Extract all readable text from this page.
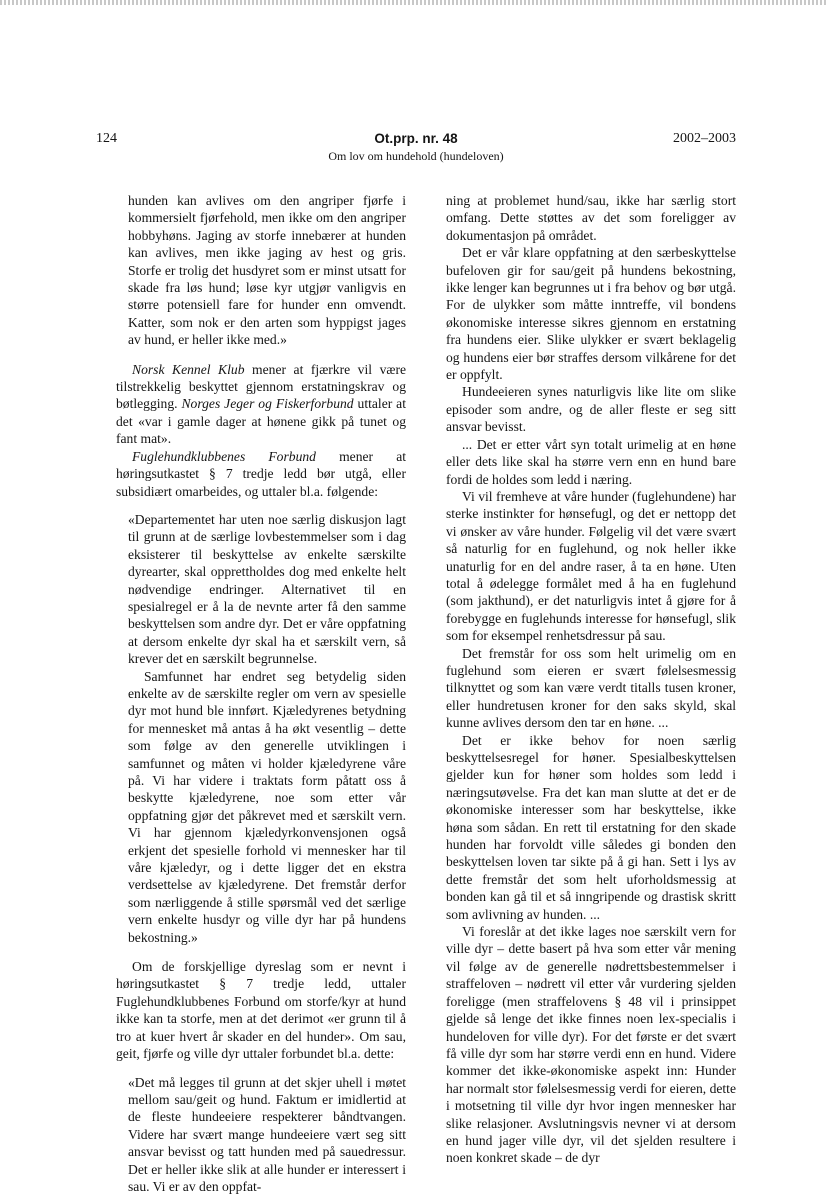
124	Ot.prp. nr. 48	2002–2003
Om lov om hundehold (hundeloven)

hunden kan avlives om den angriper fjørfe i kommersielt fjørfehold, men ikke om den angriper hobbyhøns. Jaging av storfe innebærer at hunden kan avlives, men ikke jaging av hest og gris. Storfe er trolig det husdyret som er minst utsatt for skade fra løs hund; løse kyr utgjør vanligvis en større potensiell fare for hunder enn omvendt. Katter, som nok er den arten som hyppigst jages av hund, er heller ikke med.»

Norsk Kennel Klub mener at fjærkre vil være tilstrekkelig beskyttet gjennom erstatningskrav og bøtlegging. Norges Jeger og Fiskerforbund uttaler at det «var i gamle dager at hønene gikk på tunet og fant mat».

Fuglehundklubbenes Forbund mener at høringsutkastet § 7 tredje ledd bør utgå, eller subsidiært omarbeides, og uttaler bl.a. følgende:

«Departementet har uten noe særlig diskusjon lagt til grunn at de særlige lovbestemmelser som i dag eksisterer til beskyttelse av enkelte særskilte dyrearter, skal opprettholdes dog med enkelte helt nødvendige endringer. Alternativet til en spesialregel er å la de nevnte arter få den samme beskyttelsen som andre dyr. Det er våre oppfatning at dersom enkelte dyr skal ha et særskilt vern, så krever det en særskilt begrunnelse.

Samfunnet har endret seg betydelig siden enkelte av de særskilte regler om vern av spesielle dyr mot hund ble innført. Kjæledyrenes betydning for mennesket må antas å ha økt vesentlig – dette som følge av den generelle utviklingen i samfunnet og måten vi holder kjæledyrene våre på. Vi har videre i traktats form påtatt oss å beskytte kjæledyrene, noe som etter vår oppfatning gjør det påkrevet med et særskilt vern. Vi har gjennom kjæledyrkonvensjonen også erkjent det spesielle forhold vi mennesker har til våre kjæledyr, og i dette ligger det en ekstra verdsettelse av kjæledyrene. Det fremstår derfor som nærliggende å stille spørsmål ved det særlige vern enkelte husdyr og ville dyr har på hundens bekostning.»

Om de forskjellige dyreslag som er nevnt i høringsutkastet § 7 tredje ledd, uttaler Fuglehundklubbenes Forbund om storfe/kyr at hund ikke kan ta storfe, men at det derimot «er grunn til å tro at kuer hvert år skader en del hunder». Om sau, geit, fjørfe og ville dyr uttaler forbundet bl.a. dette:

«Det må legges til grunn at det skjer uhell i møtet mellom sau/geit og hund. Faktum er imidlertid at de fleste hundeeiere respekterer båndtvangen. Videre har svært mange hundeeiere vært seg sitt ansvar bevisst og tatt hunden med på sauedressur. Det er heller ikke slik at alle hunder er interessert i sau. Vi er av den oppfat-

ning at problemet hund/sau, ikke har særlig stort omfang. Dette støttes av det som foreligger av dokumentasjon på området.

Det er vår klare oppfatning at den særbeskyttelse bufeloven gir for sau/geit på hundens bekostning, ikke lenger kan begrunnes ut i fra behov og bør utgå. For de ulykker som måtte inntreffe, vil bondens økonomiske interesse sikres gjennom en erstatning fra hundens eier. Slike ulykker er svært beklagelig og hundens eier bør straffes dersom vilkårene for det er oppfylt.

Hundeeieren synes naturligvis like lite om slike episoder som andre, og de aller fleste er seg sitt ansvar bevisst.

... Det er etter vårt syn totalt urimelig at en høne eller dets like skal ha større vern enn en hund bare fordi de holdes som ledd i næring.

Vi vil fremheve at våre hunder (fuglehundene) har sterke instinkter for hønsefugl, og det er nettopp det vi ønsker av våre hunder. Følgelig vil det være svært så naturlig for en fuglehund, og nok heller ikke unaturlig for en del andre raser, å ta en høne. Uten total å ødelegge formålet med å ha en fuglehund (som jakthund), er det naturligvis intet å gjøre for å forebygge en fuglehunds interesse for hønsefugl, slik som for eksempel renhetsdressur på sau.

Det fremstår for oss som helt urimelig om en fuglehund som eieren er svært følelsesmessig tilknyttet og som kan være verdt titalls tusen kroner, eller hundretusen kroner for den saks skyld, skal kunne avlives dersom den tar en høne. ...

Det er ikke behov for noen særlig beskyttelsesregel for høner. Spesialbeskyttelsen gjelder kun for høner som holdes som ledd i næringsutøvelse. Fra det kan man slutte at det er de økonomiske interesser som har beskyttelse, ikke høna som sådan. En rett til erstatning for den skade hunden har forvoldt ville således gi bonden den beskyttelsen loven tar sikte på å gi han. Sett i lys av dette fremstår det som helt uforholdsmessig at bonden kan gå til et så inngripende og drastisk skritt som avlivning av hunden. ...

Vi foreslår at det ikke lages noe særskilt vern for ville dyr – dette basert på hva som etter vår mening vil følge av de generelle nødrettsbestemmelser i straffeloven – nødrett vil etter vår vurdering sjelden foreligge (men straffelovens § 48 vil i prinsippet gjelde så lenge det ikke finnes noen lex-specialis i hundeloven for ville dyr). For det første er det svært få ville dyr som har større verdi enn en hund. Videre kommer det ikke-økonomiske aspekt inn: Hunder har normalt stor følelsesmessig verdi for eieren, dette i motsetning til ville dyr hvor ingen mennesker har slike relasjoner. Avslutningsvis nevner vi at dersom en hund jager ville dyr, vil det sjelden resultere i noen konkret skade – de dyr
